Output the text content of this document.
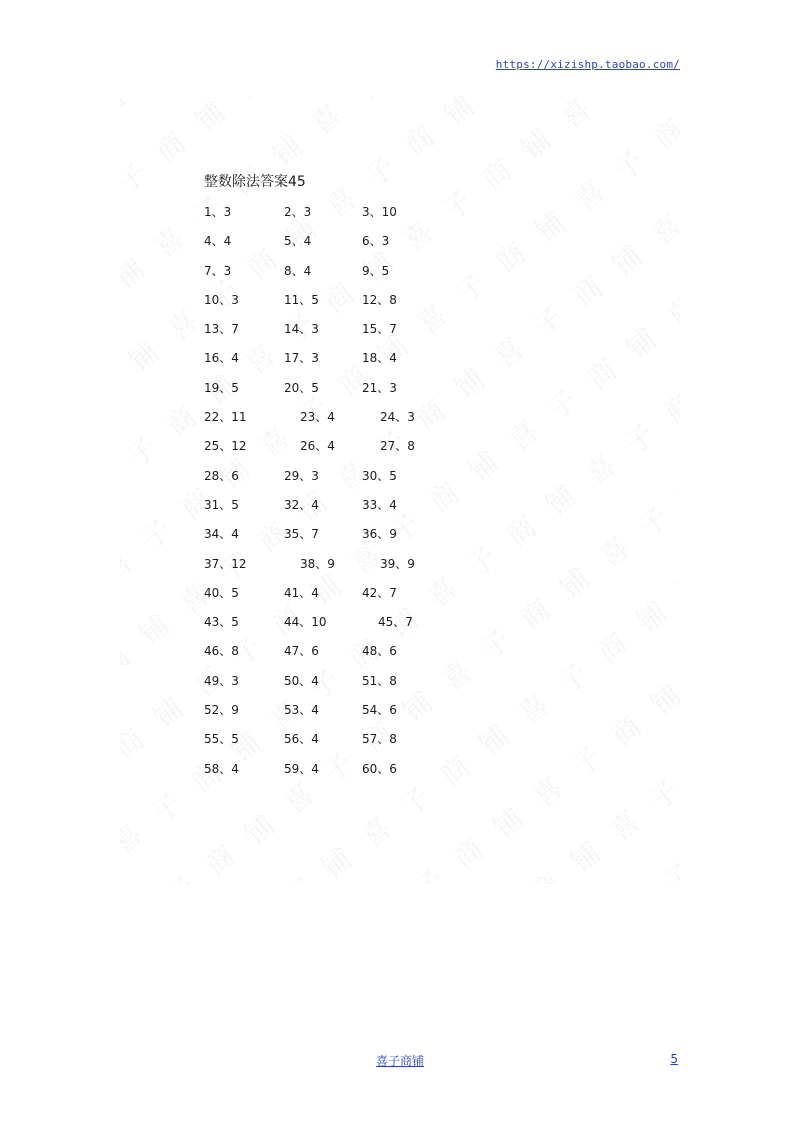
https://xizishp.taobao.com/
整数除法答案45
1、3	2、3	3、10
4、4	5、4	6、3
7、3	8、4	9、5
10、3	11、5	12、8
13、7	14、3	15、7
16、4	17、3	18、4
19、5	20、5	21、3
22、11	23、4	24、3
25、12	26、4	27、8
28、6	29、3	30、5
31、5	32、4	33、4
34、4	35、7	36、9
37、12	38、9	39、9
40、5	41、4	42、7
43、5	44、10	45、7
46、8	47、6	48、6
49、3	50、4	51、8
52、9	53、4	54、6
55、5	56、4	57、8
58、4	59、4	60、6
喜子商铺	5
